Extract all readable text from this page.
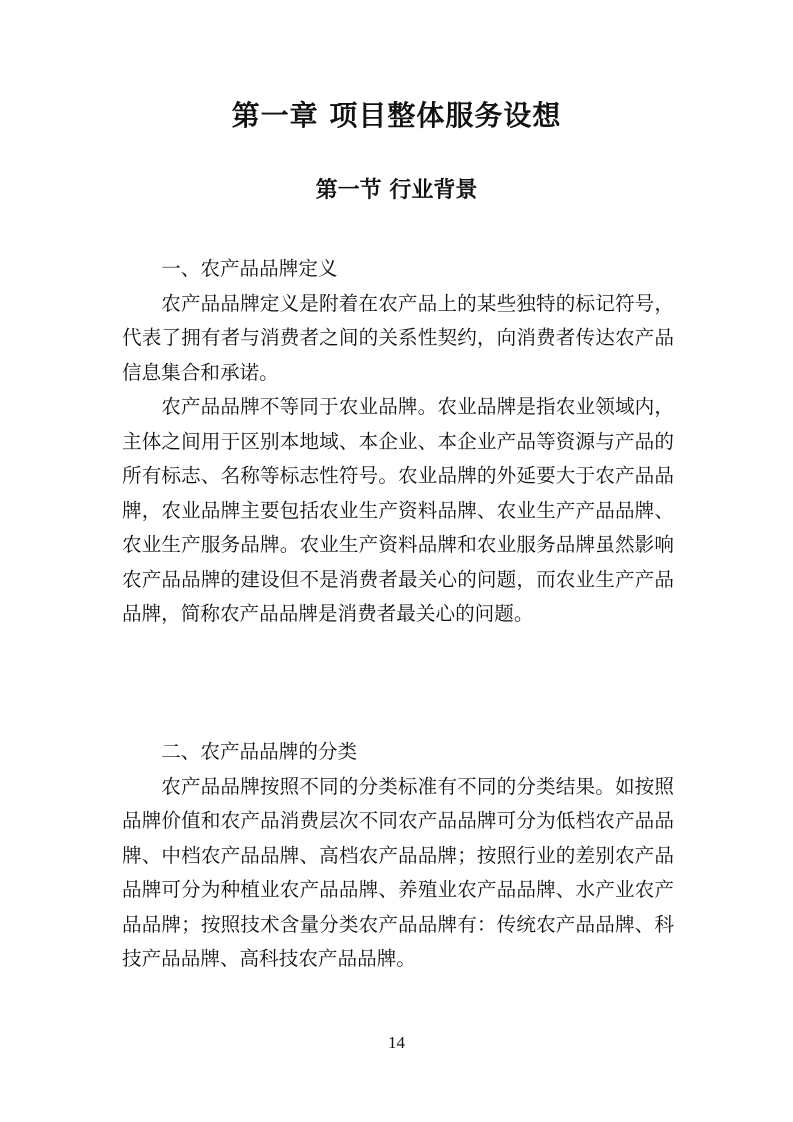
第一章 项目整体服务设想
第一节 行业背景

一、农产品品牌定义

农产品品牌定义是附着在农产品上的某些独特的标记符号，代表了拥有者与消费者之间的关系性契约，向消费者传达农产品信息集合和承诺。

农产品品牌不等同于农业品牌。农业品牌是指农业领域内，主体之间用于区别本地域、本企业、本企业产品等资源与产品的所有标志、名称等标志性符号。农业品牌的外延要大于农产品品牌，农业品牌主要包括农业生产资料品牌、农业生产产品品牌、农业生产服务品牌。农业生产资料品牌和农业服务品牌虽然影响农产品品牌的建设但不是消费者最关心的问题，而农业生产产品品牌，简称农产品品牌是消费者最关心的问题。

二、农产品品牌的分类

农产品品牌按照不同的分类标准有不同的分类结果。如按照品牌价值和农产品消费层次不同农产品品牌可分为低档农产品品牌、中档农产品品牌、高档农产品品牌；按照行业的差别农产品品牌可分为种植业农产品品牌、养殖业农产品品牌、水产业农产品品牌；按照技术含量分类农产品品牌有：传统农产品品牌、科技产品品牌、高科技农产品品牌。

14
